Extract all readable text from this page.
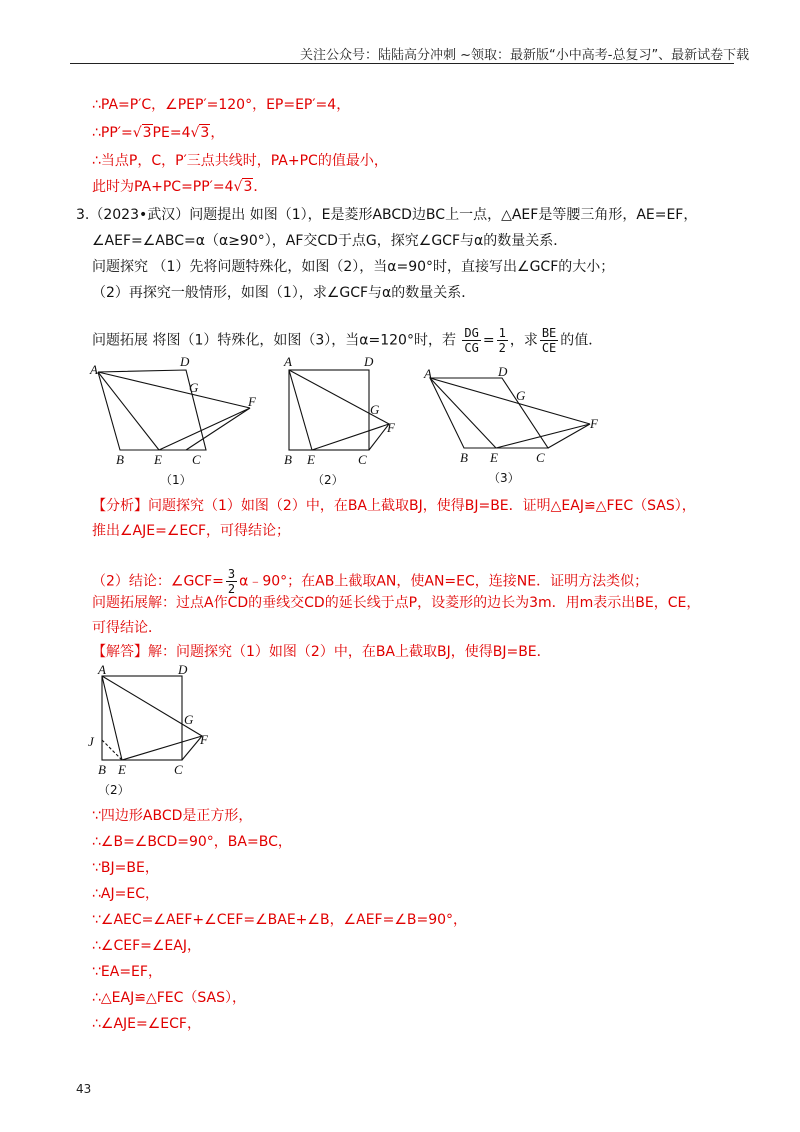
关注公众号：陆陆高分冲刺 ~领取：最新版“小中高考-总复习”、最新试卷下载
∴PA=P′C，∠PEP′=120°，EP=EP′=4，
∴PP′=√3PE=4√3，
∴当点P，C，P′三点共线时，PA+PC的值最小，
此时为PA+PC=PP′=4√3．
3.（2023•武汉）问题提出 如图（1），E是菱形ABCD边BC上一点，△AEF是等腰三角形，AE=EF，
∠AEF=∠ABC=α（α≥90°），AF交CD于点G，探究∠GCF与α的数量关系．
问题探究 （1）先将问题特殊化，如图（2），当α=90°时，直接写出∠GCF的大小；
（2）再探究一般情形，如图（1），求∠GCF与α的数量关系．
问题拓展 将图（1）特殊化，如图（3），当α=120°时，若 $\frac{DG}{CG} = \frac{1}{2}$ ，求 $\frac{BE}{CE}$ 的值．
A
D
G
F
B E C
（1）
A	D
G
F
B E	C
（2）
A	D
G
F
B E	C
（3）
【分析】问题探究（1）如图（2）中，在BA上截取BJ，使得BJ=BE．证明△EAJ≌△FEC（SAS），
推出∠AJE=∠ECF，可得结论；
（2）结论：∠GCF= $\frac{3}{2}$ α﹣90°；在AB上截取AN，使AN=EC，连接NE．证明方法类似；
问题拓展解：过点A作CD的垂线交CD的延长线于点P，设菱形的边长为3m．用m表示出BE，CE，
可得结论．
【解答】解：问题探究（1）如图（2）中，在BA上截取BJ，使得BJ=BE．
A	D
G
F
J
B E	C
（2）
∵四边形ABCD是正方形，
∴∠B=∠BCD=90°，BA=BC，
∵BJ=BE，
∴AJ=EC，
∵∠AEC=∠AEF+∠CEF=∠BAE+∠B，∠AEF=∠B=90°，
∴∠CEF=∠EAJ，
∵EA=EF，
∴△EAJ≌△FEC（SAS），
∴∠AJE=∠ECF，
43
